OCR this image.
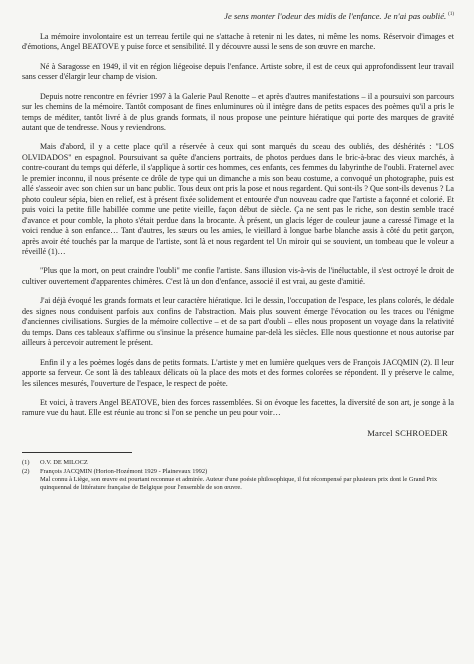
Je sens monter l'odeur des midis de l'enfance. Je n'ai pas oublié. $^{(1)}$

La mémoire involontaire est un terreau fertile qui ne s'attache à retenir ni les dates, ni même les noms. Réservoir d'images et d'émotions, Angel BEATOVE y puise force et sensibilité. Il y découvre aussi le sens de son œuvre en marche.

Né à Saragosse en 1949, il vit en région liégeoise depuis l'enfance. Artiste sobre, il est de ceux qui approfondissent leur travail sans cesser d'élargir leur champ de vision.

Depuis notre rencontre en février 1997 à la Galerie Paul Renotte – et après d'autres manifestations – il a poursuivi son parcours sur les chemins de la mémoire. Tantôt composant de fines enluminures où il intègre dans de petits espaces des poèmes qu'il a pris le temps de méditer, tantôt livré à de plus grands formats, il nous propose une peinture hiératique qui porte des marques de gravité autant que de tendresse. Nous y reviendrons.

Mais d'abord, il y a cette place qu'il a réservée à ceux qui sont marqués du sceau des oubliés, des déshérités : "LOS OLVIDADOS" en espagnol. Poursuivant sa quête d'anciens portraits, de photos perdues dans le bric-à-brac des vieux marchés, à contre-courant du temps qui déferle, il s'applique à sortir ces hommes, ces enfants, ces femmes du labyrinthe de l'oubli. Fraternel avec le premier inconnu, il nous présente ce drôle de type qui un dimanche a mis son beau costume, a convoqué un photographe, puis est allé s'asseoir avec son chien sur un banc public. Tous deux ont pris la pose et nous regardent. Qui sont-ils ? Que sont-ils devenus ? La photo couleur sépia, bien en relief, est à présent fixée solidement et entourée d'un nouveau cadre que l'artiste a façonné et colorié. Et puis voici la petite fille habillée comme une petite vieille, façon début de siècle. Ça ne sent pas le riche, son destin semble tracé d'avance et pour comble, la photo s'était perdue dans la brocante. À présent, un glacis léger de couleur jaune a caressé l'image et la voici rendue à son enfance… Tant d'autres, les sœurs ou les amies, le vieillard à longue barbe blanche assis à côté du petit garçon, après avoir été touchés par la marque de l'artiste, sont là et nous regardent tel Un miroir qui se souvient, un tombeau que le voleur a réveillé (1)…

"Plus que la mort, on peut craindre l'oubli" me confie l'artiste. Sans illusion vis-à-vis de l'inéluctable, il s'est octroyé le droit de cultiver ouvertement d'apparentes chimères. C'est là un don d'enfance, associé il est vrai, au geste d'amitié.

J'ai déjà évoqué les grands formats et leur caractère hiératique. Ici le dessin, l'occupation de l'espace, les plans colorés, le dédale des signes nous conduisent parfois aux confins de l'abstraction. Mais plus souvent émerge l'évocation ou les traces ou l'énigme d'anciennes civilisations. Surgies de la mémoire collective – et de sa part d'oubli – elles nous proposent un voyage dans la relativité du temps. Dans ces tableaux s'affirme ou s'insinue la présence humaine par-delà les siècles. Elle nous questionne et nous autorise par ailleurs à percevoir autrement le présent.

Enfin il y a les poèmes logés dans de petits formats. L'artiste y met en lumière quelques vers de François JACQMIN (2). Il leur apporte sa ferveur. Ce sont là des tableaux délicats où la place des mots et des formes colorées se répondent. Il y préserve le calme, les silences mesurés, l'ouverture de l'espace, le respect de poète.

Et voici, à travers Angel BEATOVE, bien des forces rassemblées. Si on évoque les facettes, la diversité de son art, je songe à la ramure vue du haut. Elle est réunie au tronc si l'on se penche un peu pour voir…

Marcel SCHROEDER
(1)	O.V. DE MILOCZ

(2)	François JACQMIN (Horion-Hozémont 1929 - Plainevaux 1992)

Mal connu à Liège, son œuvre est pourtant reconnue et admirée. Auteur d'une poésie philosophique, il fut récompensé par plusieurs prix dont le Grand Prix quinquennal de littérature française de Belgique pour l'ensemble de son œuvre.
